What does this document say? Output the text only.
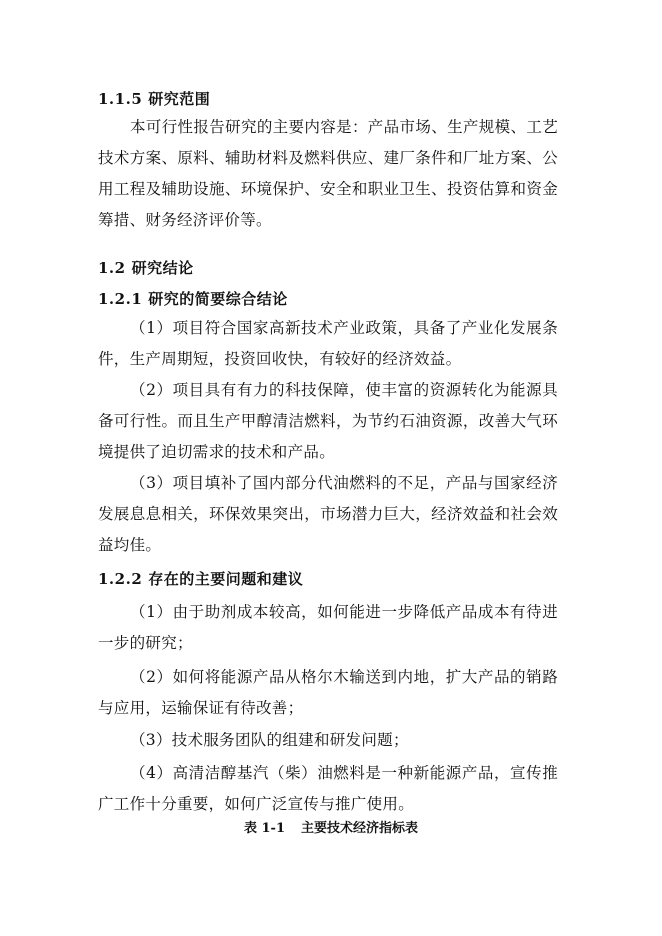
1.1.5 研究范围

本可行性报告研究的主要内容是：产品市场、生产规模、工艺技术方案、原料、辅助材料及燃料供应、建厂条件和厂址方案、公用工程及辅助设施、环境保护、安全和职业卫生、投资估算和资金筹措、财务经济评价等。

1.2 研究结论
1.2.1 研究的简要综合结论

（1）项目符合国家高新技术产业政策，具备了产业化发展条件，生产周期短，投资回收快，有较好的经济效益。

（2）项目具有有力的科技保障，使丰富的资源转化为能源具备可行性。而且生产甲醇清洁燃料，为节约石油资源，改善大气环境提供了迫切需求的技术和产品。

（3）项目填补了国内部分代油燃料的不足，产品与国家经济发展息息相关，环保效果突出，市场潜力巨大，经济效益和社会效益均佳。

1.2.2 存在的主要问题和建议

（1）由于助剂成本较高，如何能进一步降低产品成本有待进一步的研究；

（2）如何将能源产品从格尔木输送到内地，扩大产品的销路与应用，运输保证有待改善；

（3）技术服务团队的组建和研发问题；

（4）高清洁醇基汽（柴）油燃料是一种新能源产品，宣传推广工作十分重要，如何广泛宣传与推广使用。

表 1-1 主要技术经济指标表
